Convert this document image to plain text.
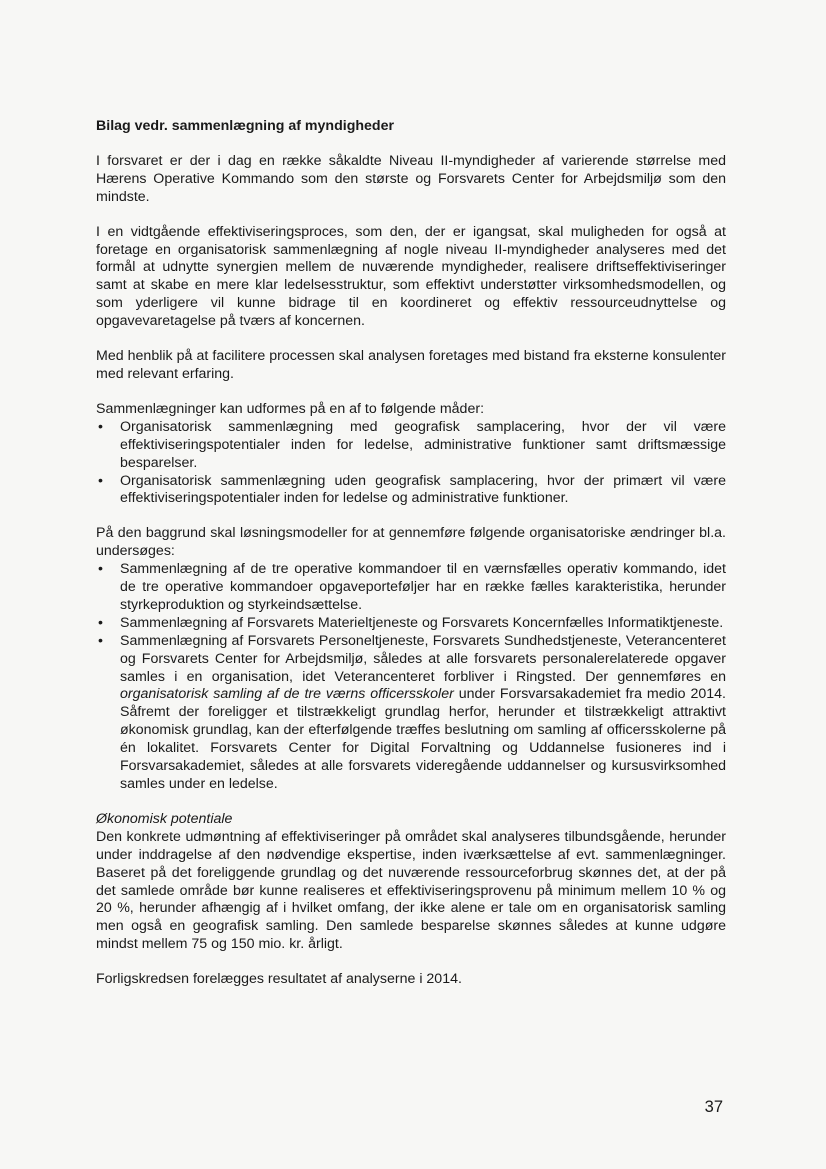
Bilag vedr. sammenlægning af myndigheder

I forsvaret er der i dag en række såkaldte Niveau II-myndigheder af varierende størrelse med Hærens Operative Kommando som den største og Forsvarets Center for Arbejdsmiljø som den mindste.

I en vidtgående effektiviseringsproces, som den, der er igangsat, skal muligheden for også at foretage en organisatorisk sammenlægning af nogle niveau II-myndigheder analyseres med det formål at udnytte synergien mellem de nuværende myndigheder, realisere driftseffektiviseringer samt at skabe en mere klar ledelsesstruktur, som effektivt understøtter virksomhedsmodellen, og som yderligere vil kunne bidrage til en koordineret og effektiv ressourceudnyttelse og opgavevaretagelse på tværs af koncernen.

Med henblik på at facilitere processen skal analysen foretages med bistand fra eksterne konsulenter med relevant erfaring.

Sammenlægninger kan udformes på en af to følgende måder:

• Organisatorisk sammenlægning med geografisk samplacering, hvor der vil være effektiviseringspotentialer inden for ledelse, administrative funktioner samt driftsmæssige besparelser.
• Organisatorisk sammenlægning uden geografisk samplacering, hvor der primært vil være effektiviseringspotentialer inden for ledelse og administrative funktioner.

På den baggrund skal løsningsmodeller for at gennemføre følgende organisatoriske ændringer bl.a. undersøges:

• Sammenlægning af de tre operative kommandoer til en værnsfælles operativ kommando, idet de tre operative kommandoer opgaveporteføljer har en række fælles karakteristika, herunder styrkeproduktion og styrkeindsættelse.
• Sammenlægning af Forsvarets Materieltjeneste og Forsvarets Koncernfælles Informatiktjeneste.
• Sammenlægning af Forsvarets Personeltjeneste, Forsvarets Sundhedstjeneste, Veterancenteret og Forsvarets Center for Arbejdsmiljø, således at alle forsvarets personalerelaterede opgaver samles i en organisation, idet Veterancenteret forbliver i Ringsted. Der gennemføres en organisatorisk samling af de tre værns officersskoler under Forsvarsakademiet fra medio 2014. Såfremt der foreligger et tilstrækkeligt grundlag herfor, herunder et tilstrækkeligt attraktivt økonomisk grundlag, kan der efterfølgende træffes beslutning om samling af officersskolerne på én lokalitet. Forsvarets Center for Digital Forvaltning og Uddannelse fusioneres ind i Forsvarsakademiet, således at alle forsvarets videregående uddannelser og kursusvirksomhed samles under en ledelse.
Økonomisk potentiale

Den konkrete udmøntning af effektiviseringer på området skal analyseres tilbundsgående, herunder under inddragelse af den nødvendige ekspertise, inden iværksættelse af evt. sammenlægninger. Baseret på det foreliggende grundlag og det nuværende ressourceforbrug skønnes det, at der på det samlede område bør kunne realiseres et effektiviseringsprovenu på minimum mellem 10 % og 20 %, herunder afhængig af i hvilket omfang, der ikke alene er tale om en organisatorisk samling men også en geografisk samling. Den samlede besparelse skønnes således at kunne udgøre mindst mellem 75 og 150 mio. kr. årligt.

Forligskredsen forelægges resultatet af analyserne i 2014.

37
